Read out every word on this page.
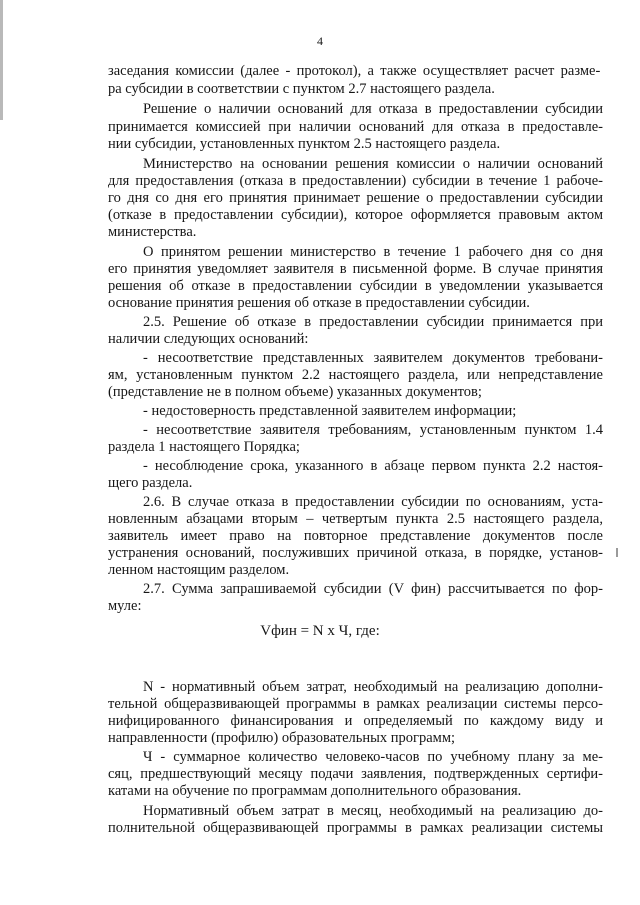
4
заседания комиссии (далее - протокол), а также осуществляет расчет разме-
ра субсидии в соответствии с пунктом 2.7 настоящего раздела.
Решение о наличии оснований для отказа в предоставлении субсидии
принимается комиссией при наличии оснований для отказа в предоставле-
нии субсидии, установленных пунктом 2.5 настоящего раздела.
Министерство на основании решения комиссии о наличии оснований
для предоставления (отказа в предоставлении) субсидии в течение 1 рабоче-
го дня со дня его принятия принимает решение о предоставлении субсидии
(отказе в предоставлении субсидии), которое оформляется правовым актом
министерства.
О принятом решении министерство в течение 1 рабочего дня со дня
его принятия уведомляет заявителя в письменной форме. В случае принятия
решения об отказе в предоставлении субсидии в уведомлении указывается
основание принятия решения об отказе в предоставлении субсидии.
2.5. Решение об отказе в предоставлении субсидии принимается при
наличии следующих оснований:
- несоответствие представленных заявителем документов требовани-
ям, установленным пунктом 2.2 настоящего раздела, или непредставление
(представление не в полном объеме) указанных документов;
- недостоверность представленной заявителем информации;
- несоответствие заявителя требованиям, установленным пунктом 1.4
раздела 1 настоящего Порядка;
- несоблюдение срока, указанного в абзаце первом пункта 2.2 настоя-
щего раздела.
2.6. В случае отказа в предоставлении субсидии по основаниям, уста-
новленным абзацами вторым – четвертым пункта 2.5 настоящего раздела,
заявитель имеет право на повторное представление документов после
устранения оснований, послуживших причиной отказа, в порядке, установ-
ленном настоящим разделом.
2.7. Сумма запрашиваемой субсидии (V фин) рассчитывается по фор-
муле:
N - нормативный объем затрат, необходимый на реализацию дополни-
тельной общеразвивающей программы в рамках реализации системы персо-
нифицированного финансирования и определяемый по каждому виду и
направленности (профилю) образовательных программ;
Ч - суммарное количество человеко-часов по учебному плану за ме-
сяц, предшествующий месяцу подачи заявления, подтвержденных сертифи-
катами на обучение по программам дополнительного образования.
Нормативный объем затрат в месяц, необходимый на реализацию до-
полнительной общеразвивающей программы в рамках реализации системы
Vфин = N x Ч, где:
